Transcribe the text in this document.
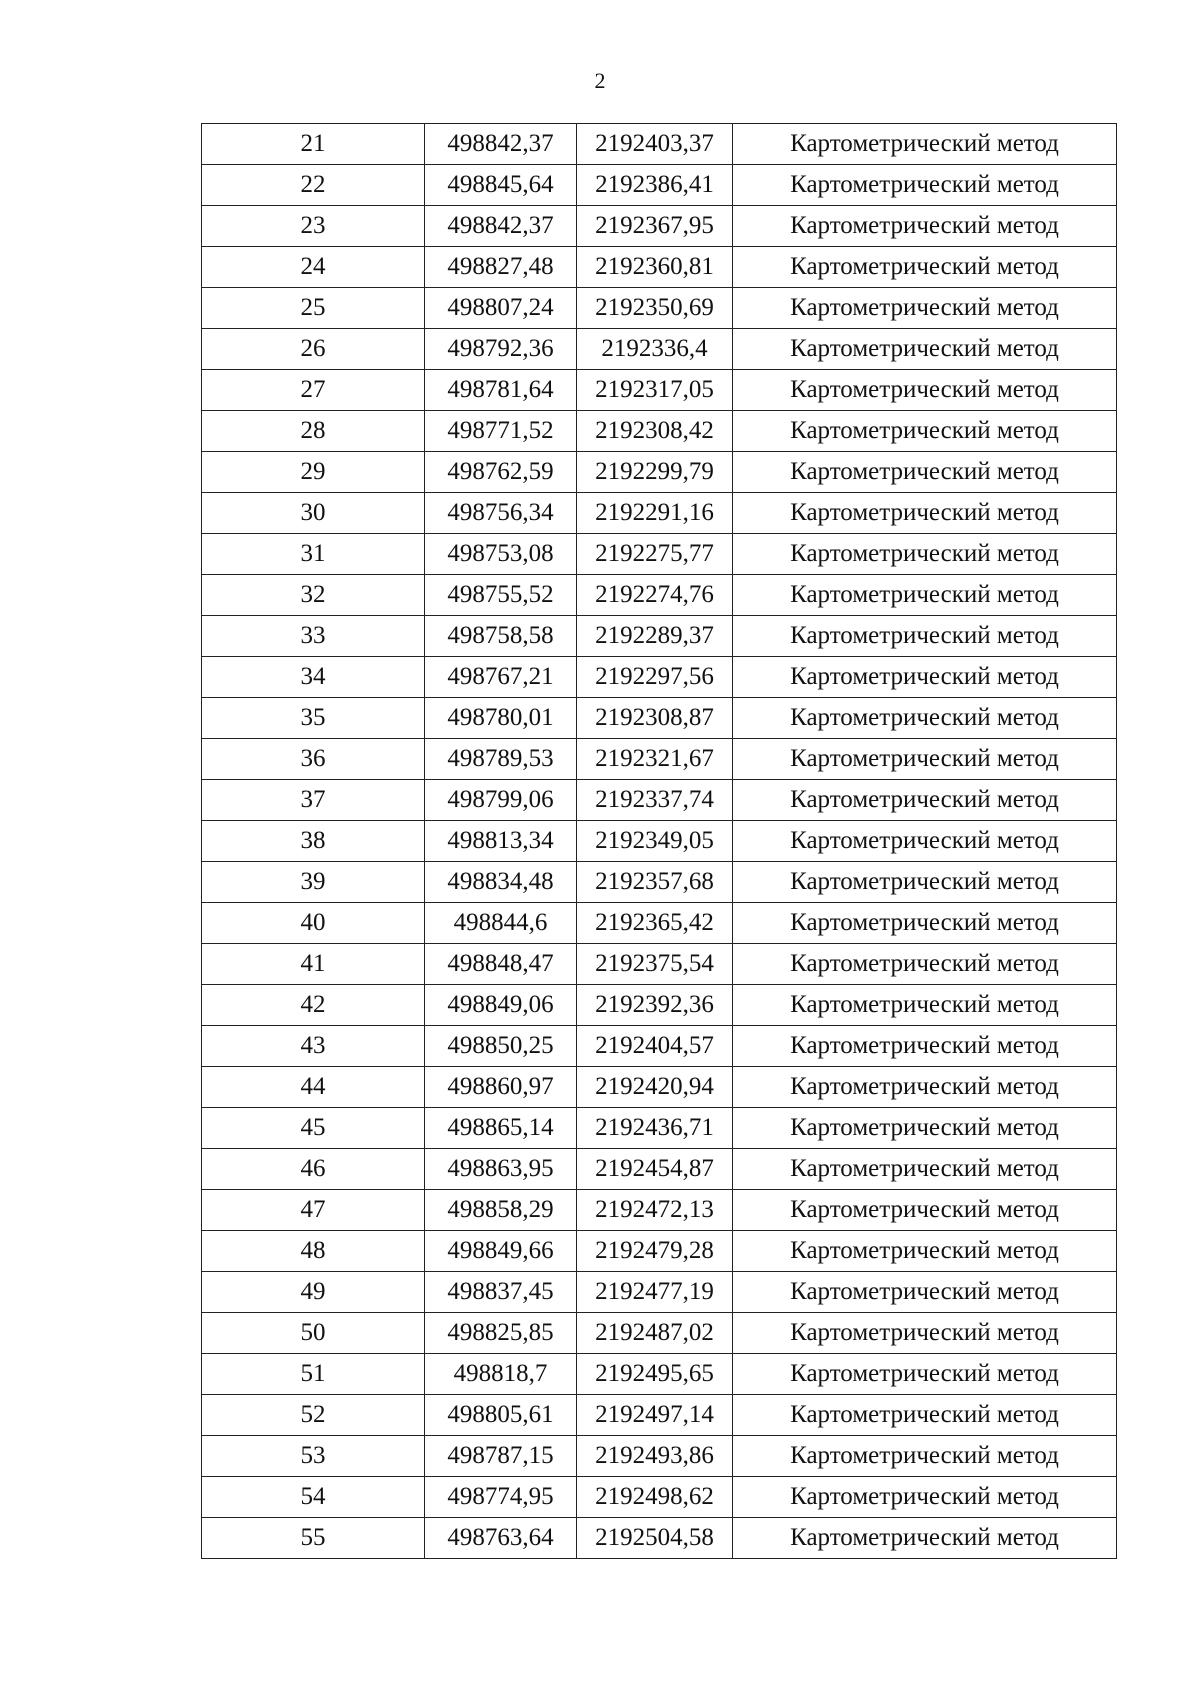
2
21	498842,37	2192403,37	Картометрический метод
22	498845,64	2192386,41	Картометрический метод
23	498842,37	2192367,95	Картометрический метод
24	498827,48	2192360,81	Картометрический метод
25	498807,24	2192350,69	Картометрический метод
26	498792,36	2192336,4	Картометрический метод
27	498781,64	2192317,05	Картометрический метод
28	498771,52	2192308,42	Картометрический метод
29	498762,59	2192299,79	Картометрический метод
30	498756,34	2192291,16	Картометрический метод
31	498753,08	2192275,77	Картометрический метод
32	498755,52	2192274,76	Картометрический метод
33	498758,58	2192289,37	Картометрический метод
34	498767,21	2192297,56	Картометрический метод
35	498780,01	2192308,87	Картометрический метод
36	498789,53	2192321,67	Картометрический метод
37	498799,06	2192337,74	Картометрический метод
38	498813,34	2192349,05	Картометрический метод
39	498834,48	2192357,68	Картометрический метод
40	498844,6	2192365,42	Картометрический метод
41	498848,47	2192375,54	Картометрический метод
42	498849,06	2192392,36	Картометрический метод
43	498850,25	2192404,57	Картометрический метод
44	498860,97	2192420,94	Картометрический метод
45	498865,14	2192436,71	Картометрический метод
46	498863,95	2192454,87	Картометрический метод
47	498858,29	2192472,13	Картометрический метод
48	498849,66	2192479,28	Картометрический метод
49	498837,45	2192477,19	Картометрический метод
50	498825,85	2192487,02	Картометрический метод
51	498818,7	2192495,65	Картометрический метод
52	498805,61	2192497,14	Картометрический метод
53	498787,15	2192493,86	Картометрический метод
54	498774,95	2192498,62	Картометрический метод
55	498763,64	2192504,58	Картометрический метод
